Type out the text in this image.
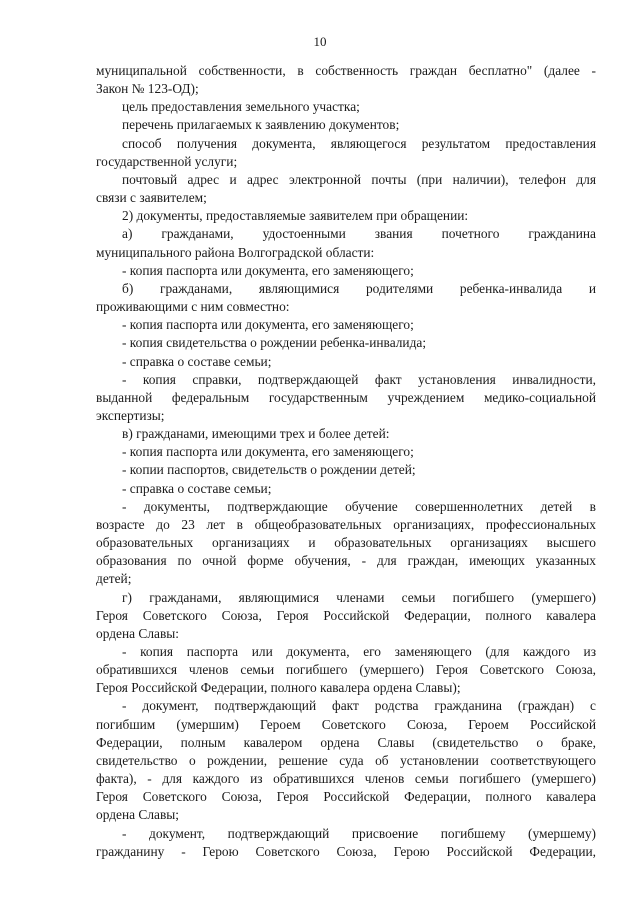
10
муниципальной собственности, в собственность граждан бесплатно" (далее -
Закон № 123-ОД);
цель предоставления земельного участка;
перечень прилагаемых к заявлению документов;
способ получения документа, являющегося результатом предоставления
государственной услуги;
почтовый адрес и адрес электронной почты (при наличии), телефон для
связи с заявителем;
2) документы, предоставляемые заявителем при обращении:
а) гражданами, удостоенными звания почетного гражданина
муниципального района Волгоградской области:
- копия паспорта или документа, его заменяющего;
б) гражданами, являющимися родителями ребенка-инвалида и
проживающими с ним совместно:
- копия паспорта или документа, его заменяющего;
- копия свидетельства о рождении ребенка-инвалида;
- справка о составе семьи;
- копия справки, подтверждающей факт установления инвалидности,
выданной федеральным государственным учреждением медико-социальной
экспертизы;
в) гражданами, имеющими трех и более детей:
- копия паспорта или документа, его заменяющего;
- копии паспортов, свидетельств о рождении детей;
- справка о составе семьи;
- документы, подтверждающие обучение совершеннолетних детей в
возрасте до 23 лет в общеобразовательных организациях, профессиональных
образовательных организациях и образовательных организациях высшего
образования по очной форме обучения, - для граждан, имеющих указанных
детей;
г) гражданами, являющимися членами семьи погибшего (умершего)
Героя Советского Союза, Героя Российской Федерации, полного кавалера
ордена Славы:
- копия паспорта или документа, его заменяющего (для каждого из
обратившихся членов семьи погибшего (умершего) Героя Советского Союза,
Героя Российской Федерации, полного кавалера ордена Славы);
- документ, подтверждающий факт родства гражданина (граждан) с
погибшим (умершим) Героем Советского Союза, Героем Российской
Федерации, полным кавалером ордена Славы (свидетельство о браке,
свидетельство о рождении, решение суда об установлении соответствующего
факта), - для каждого из обратившихся членов семьи погибшего (умершего)
Героя Советского Союза, Героя Российской Федерации, полного кавалера
ордена Славы;
- документ, подтверждающий присвоение погибшему (умершему)
гражданину - Герою Советского Союза, Герою Российской Федерации,
